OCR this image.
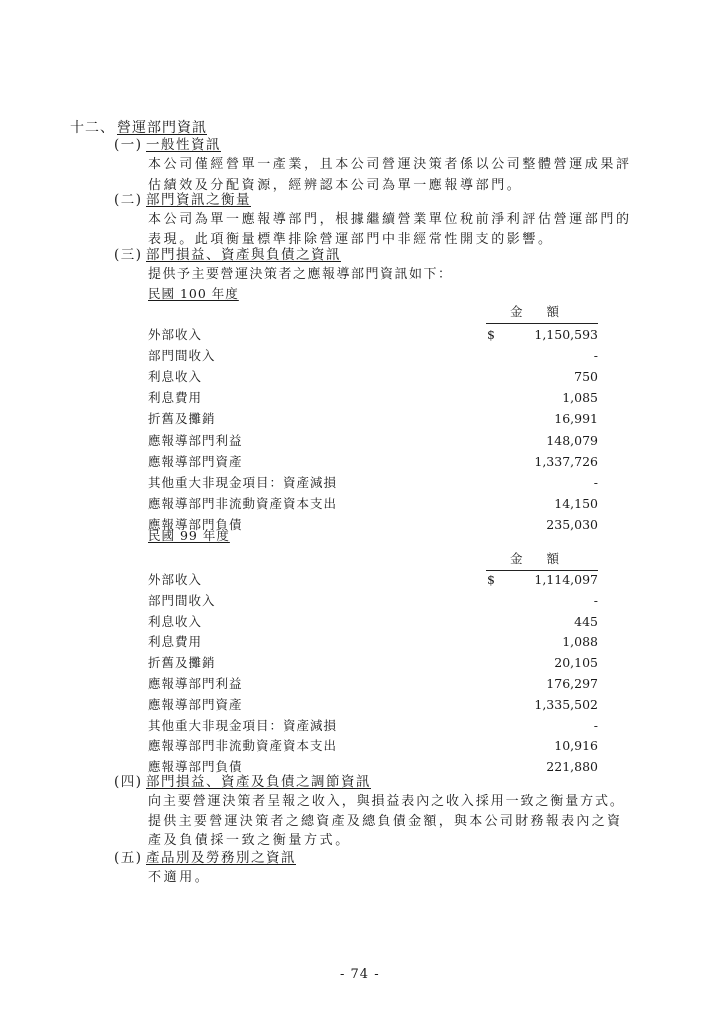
十二、 營運部門資訊
(一) 一般性資訊
本公司僅經營單一產業，且本公司營運決策者係以公司整體營運成果評
估績效及分配資源，經辨認本公司為單一應報導部門。
(二) 部門資訊之衡量
本公司為單一應報導部門，根據繼續營業單位稅前淨利評估營運部門的
表現。此項衡量標準排除營運部門中非經常性開支的影響。
(三) 部門損益、資產與負債之資訊
提供予主要營運決策者之應報導部門資訊如下：
民國 100 年度
金額
外部收入	1,150,593
部門間收入	-
利息收入	750
利息費用	1,085
折舊及攤銷	16,991
應報導部門利益	148,079
應報導部門資產	1,337,726
其他重大非現金項目：資產減損	-
應報導部門非流動資產資本支出	14,150
應報導部門負債	235,030
$
民國 99 年度
金額
外部收入	1,114,097
部門間收入	-
利息收入	445
利息費用	1,088
折舊及攤銷	20,105
應報導部門利益	176,297
應報導部門資產	1,335,502
其他重大非現金項目：資產減損	-
應報導部門非流動資產資本支出	10,916
應報導部門負債	221,880
$
(四) 部門損益、資產及負債之調節資訊
向主要營運決策者呈報之收入，與損益表內之收入採用一致之衡量方式。
提供主要營運決策者之總資產及總負債金額，與本公司財務報表內之資
產及負債採一致之衡量方式。
(五) 產品別及勞務別之資訊
不適用。
- 74 -
